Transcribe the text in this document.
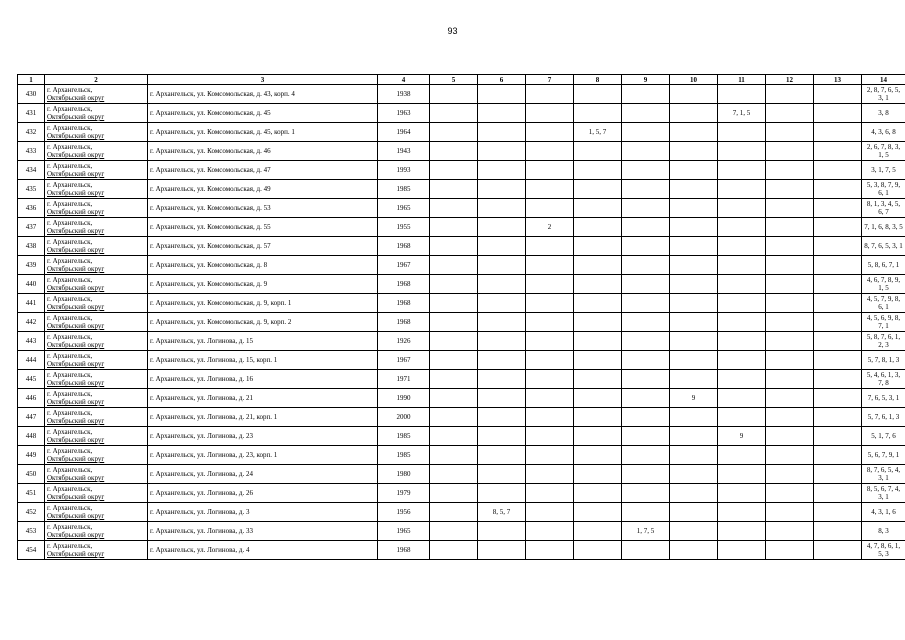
93
1	2	3	4	5	6	7	8	9	10	11	12	13	14
430	г. Архангельск,
Октябрьский округ	г. Архангельск, ул. Комсомольская, д. 43, корп. 4	1938										2, 8, 7, 6, 5, 3, 1
431	г. Архангельск,
Октябрьский округ	г. Архангельск, ул. Комсомольская, д. 45	1963							7, 1, 5			3, 8
432	г. Архангельск,
Октябрьский округ	г. Архангельск, ул. Комсомольская, д. 45, корп. 1	1964				1, 5, 7						4, 3, 6, 8
433	г. Архангельск,
Октябрьский округ	г. Архангельск, ул. Комсомольская, д. 46	1943										2, 6, 7, 8, 3, 1, 5
434	г. Архангельск,
Октябрьский округ	г. Архангельск, ул. Комсомольская, д. 47	1993										3, 1, 7, 5
435	г. Архангельск,
Октябрьский округ	г. Архангельск, ул. Комсомольская, д. 49	1985										5, 3, 8, 7, 9, 6, 1
436	г. Архангельск,
Октябрьский округ	г. Архангельск, ул. Комсомольская, д. 53	1965										8, 1, 3, 4, 5, 6, 7
437	г. Архангельск,
Октябрьский округ	г. Архангельск, ул. Комсомольская, д. 55	1955			2							7, 1, 6, 8, 3, 5
438	г. Архангельск,
Октябрьский округ	г. Архангельск, ул. Комсомольская, д. 57	1968										8, 7, 6, 5, 3, 1
439	г. Архангельск,
Октябрьский округ	г. Архангельск, ул. Комсомольская, д. 8	1967										5, 8, 6, 7, 1
440	г. Архангельск,
Октябрьский округ	г. Архангельск, ул. Комсомольская, д. 9	1968										4, 6, 7, 8, 9, 1, 5
441	г. Архангельск,
Октябрьский округ	г. Архангельск, ул. Комсомольская, д. 9, корп. 1	1968										4, 5, 7, 9, 8, 6, 1
442	г. Архангельск,
Октябрьский округ	г. Архангельск, ул. Комсомольская, д. 9, корп. 2	1968										4, 5, 6, 9, 8, 7, 1
443	г. Архангельск,
Октябрьский округ	г. Архангельск, ул. Логинова, д. 15	1926										5, 8, 7, 6, 1, 2, 3
444	г. Архангельск,
Октябрьский округ	г. Архангельск, ул. Логинова, д. 15, корп. 1	1967										5, 7, 8, 1, 3
445	г. Архангельск,
Октябрьский округ	г. Архангельск, ул. Логинова, д. 16	1971										5, 4, 6, 1, 3, 7, 8
446	г. Архангельск,
Октябрьский округ	г. Архангельск, ул. Логинова, д. 21	1990						9				7, 6, 5, 3, 1
447	г. Архангельск,
Октябрьский округ	г. Архангельск, ул. Логинова, д. 21, корп. 1	2000										5, 7, 6, 1, 3
448	г. Архангельск,
Октябрьский округ	г. Архангельск, ул. Логинова, д. 23	1985							9			5, 1, 7, 6
449	г. Архангельск,
Октябрьский округ	г. Архангельск, ул. Логинова, д. 23, корп. 1	1985										5, 6, 7, 9, 1
450	г. Архангельск,
Октябрьский округ	г. Архангельск, ул. Логинова, д. 24	1980										8, 7, 6, 5, 4, 3, 1
451	г. Архангельск,
Октябрьский округ	г. Архангельск, ул. Логинова, д. 26	1979										8, 5, 6, 7, 4, 3, 1
452	г. Архангельск,
Октябрьский округ	г. Архангельск, ул. Логинова, д. 3	1956		8, 5, 7								4, 3, 1, 6
453	г. Архангельск,
Октябрьский округ	г. Архангельск, ул. Логинова, д. 33	1965					1, 7, 5					8, 3
454	г. Архангельск,
Октябрьский округ	г. Архангельск, ул. Логинова, д. 4	1968										4, 7, 8, 6, 1, 5, 3
